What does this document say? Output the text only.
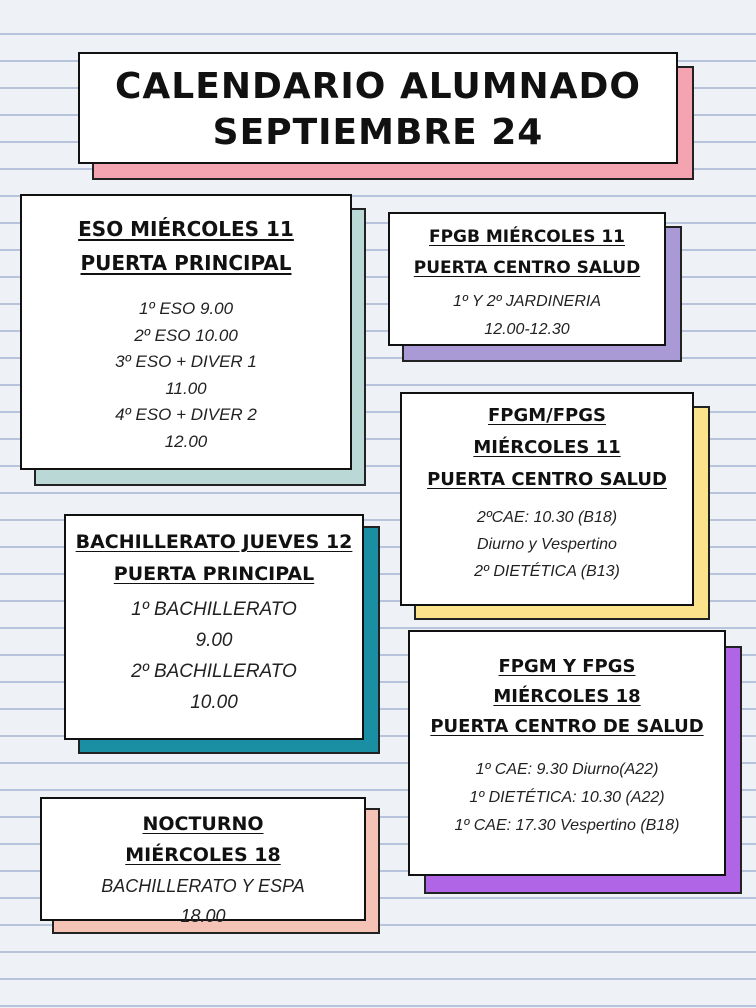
CALENDARIO ALUMNADO
SEPTIEMBRE 24
ESO MIÉRCOLES 11
PUERTA PRINCIPAL
1º ESO 9.00
2º ESO 10.00
3º ESO + DIVER 1
11.00
4º ESO + DIVER 2
12.00
BACHILLERATO JUEVES 12
PUERTA PRINCIPAL
1º BACHILLERATO
9.00
2º BACHILLERATO
10.00
NOCTURNO
MIÉRCOLES 18
BACHILLERATO Y ESPA
18.00
FPGB MIÉRCOLES 11
PUERTA CENTRO SALUD
1º Y 2º JARDINERIA
12.00-12.30
FPGM/FPGS
MIÉRCOLES 11
PUERTA CENTRO SALUD
2ºCAE: 10.30 (B18)
Diurno y Vespertino
2º DIETÉTICA (B13)
FPGM Y FPGS
MIÉRCOLES 18
PUERTA CENTRO DE SALUD
1º CAE: 9.30 Diurno(A22)
1º DIETÉTICA: 10.30 (A22)
1º CAE: 17.30 Vespertino (B18)
